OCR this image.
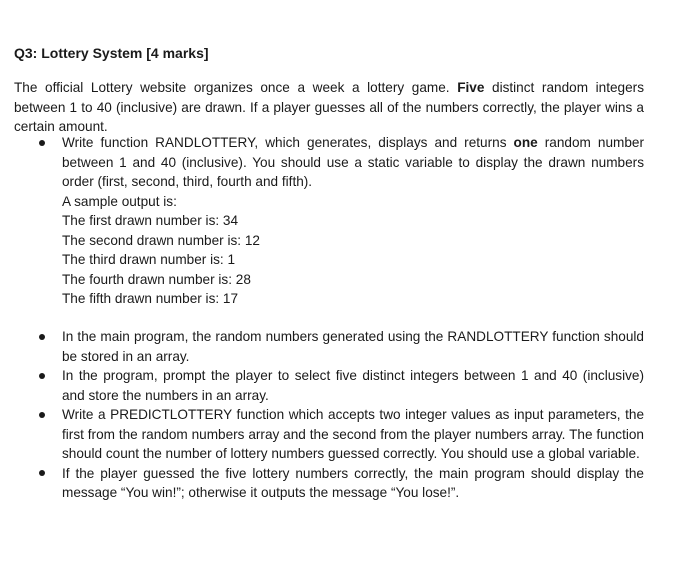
Q3: Lottery System [4 marks]
The official Lottery website organizes once a week a lottery game. Five distinct random integers between 1 to 40 (inclusive) are drawn. If a player guesses all of the numbers correctly, the player wins a certain amount.
Write function RANDLOTTERY, which generates, displays and returns one random number between 1 and 40 (inclusive). You should use a static variable to display the drawn numbers order (first, second, third, fourth and fifth).
A sample output is:
The first drawn number is: 34
The second drawn number is: 12
The third drawn number is: 1
The fourth drawn number is: 28
The fifth drawn number is: 17
In the main program, the random numbers generated using the RANDLOTTERY function should be stored in an array.
In the program, prompt the player to select five distinct integers between 1 and 40 (inclusive) and store the numbers in an array.
Write a PREDICTLOTTERY function which accepts two integer values as input parameters, the first from the random numbers array and the second from the player numbers array. The function should count the number of lottery numbers guessed correctly. You should use a global variable.
If the player guessed the five lottery numbers correctly, the main program should display the message “You win!”; otherwise it outputs the message “You lose!”.
